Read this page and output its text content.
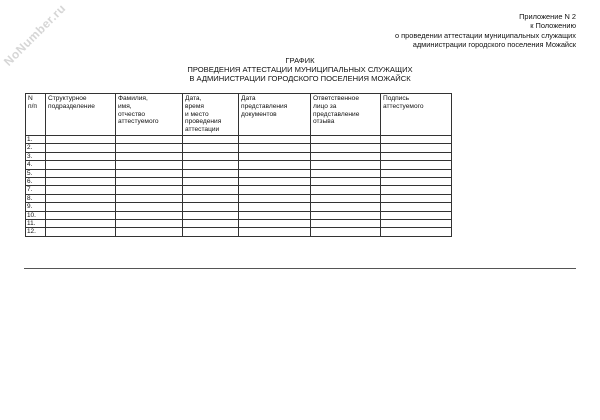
NoNumber.ru	Приложение N 2
к Положению
о проведении аттестации муниципальных служащих
администрации городского поселения Можайск
ГРАФИК
ПРОВЕДЕНИЯ АТТЕСТАЦИИ МУНИЦИПАЛЬНЫХ СЛУЖАЩИХ
В АДМИНИСТРАЦИИ ГОРОДСКОГО ПОСЕЛЕНИЯ МОЖАЙСК
N
п/п	Структурное
подразделение	Фамилия,
имя,
отчество
аттестуемого	Дата,
время
и место
проведения
аттестации	Дата
представления
документов	Ответственное
лицо за
представление
отзыва	Подпись
аттестуемого
1.						
2.						
3.						
4.						
5.						
6.						
7.						
8.						
9.						
10.						
11.						
12.						
